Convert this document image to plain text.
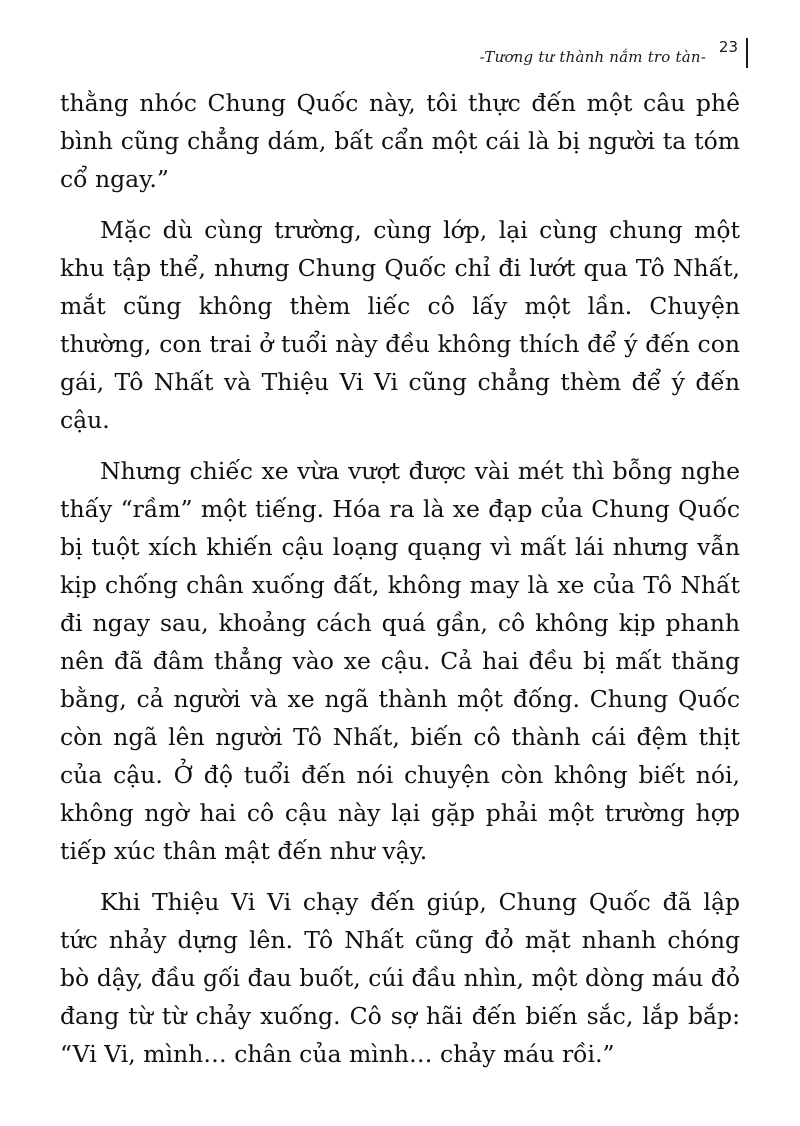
-Tương tư thành nắm tro tàn-
23

thằng nhóc Chung Quốc này, tôi thực đến một câu phê bình cũng chẳng dám, bất cẩn một cái là bị người ta tóm cổ ngay.”

Mặc dù cùng trường, cùng lớp, lại cùng chung một khu tập thể, nhưng Chung Quốc chỉ đi lướt qua Tô Nhất, mắt cũng không thèm liếc cô lấy một lần. Chuyện thường, con trai ở tuổi này đều không thích để ý đến con gái, Tô Nhất và Thiệu Vi Vi cũng chẳng thèm để ý đến cậu.

Nhưng chiếc xe vừa vượt được vài mét thì bỗng nghe thấy “rầm” một tiếng. Hóa ra là xe đạp của Chung Quốc bị tuột xích khiến cậu loạng quạng vì mất lái nhưng vẫn kịp chống chân xuống đất, không may là xe của Tô Nhất đi ngay sau, khoảng cách quá gần, cô không kịp phanh nên đã đâm thẳng vào xe cậu. Cả hai đều bị mất thăng bằng, cả người và xe ngã thành một đống. Chung Quốc còn ngã lên người Tô Nhất, biến cô thành cái đệm thịt của cậu. Ở độ tuổi đến nói chuyện còn không biết nói, không ngờ hai cô cậu này lại gặp phải một trường hợp tiếp xúc thân mật đến như vậy.

Khi Thiệu Vi Vi chạy đến giúp, Chung Quốc đã lập tức nhảy dựng lên. Tô Nhất cũng đỏ mặt nhanh chóng bò dậy, đầu gối đau buốt, cúi đầu nhìn, một dòng máu đỏ đang từ từ chảy xuống. Cô sợ hãi đến biến sắc, lắp bắp: “Vi Vi, mình… chân của mình… chảy máu rồi.”
